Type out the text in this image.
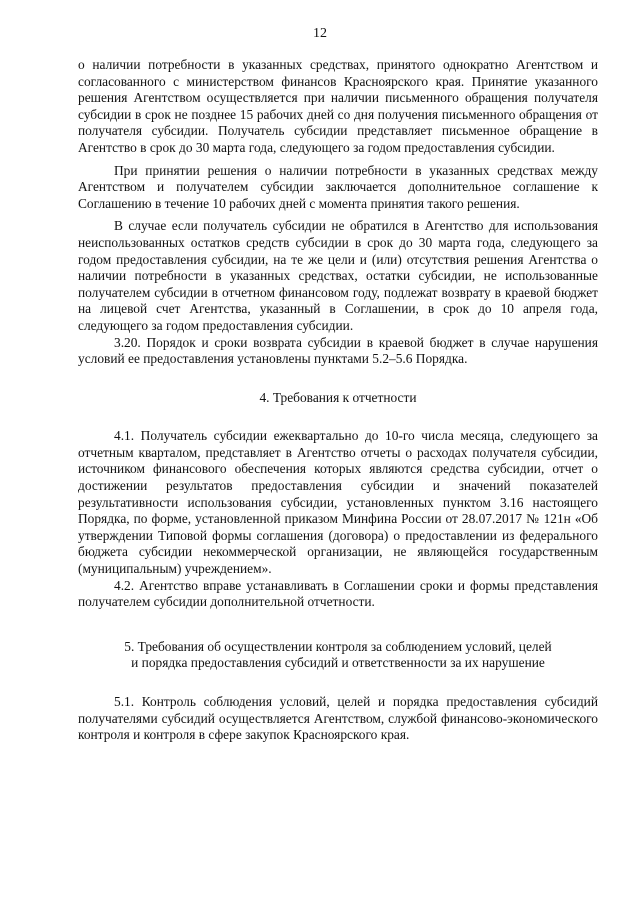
12

о наличии потребности в указанных средствах, принятого однократно Агентством и согласованного с министерством финансов Красноярского края. Принятие указанного решения Агентством осуществляется при наличии письменного обращения получателя субсидии в срок не позднее 15 рабочих дней со дня получения письменного обращения от получателя субсидии. Получатель субсидии представляет письменное обращение в Агентство в срок до 30 марта года, следующего за годом предоставления субсидии.

При принятии решения о наличии потребности в указанных средствах между Агентством и получателем субсидии заключается дополнительное соглашение к Соглашению в течение 10 рабочих дней с момента принятия такого решения.

В случае если получатель субсидии не обратился в Агентство для использования неиспользованных остатков средств субсидии в срок до 30 марта года, следующего за годом предоставления субсидии, на те же цели и (или) отсутствия решения Агентства о наличии потребности в указанных средствах, остатки субсидии, не использованные получателем субсидии в отчетном финансовом году, подлежат возврату в краевой бюджет на лицевой счет Агентства, указанный в Соглашении, в срок до 10 апреля года, следующего за годом предоставления субсидии.

3.20. Порядок и сроки возврата субсидии в краевой бюджет в случае нарушения условий ее предоставления установлены пунктами 5.2–5.6 Порядка.

4. Требования к отчетности

4.1. Получатель субсидии ежеквартально до 10-го числа месяца, следующего за отчетным кварталом, представляет в Агентство отчеты о расходах получателя субсидии, источником финансового обеспечения которых являются средства субсидии, отчет о достижении результатов предоставления субсидии и значений показателей результативности использования субсидии, установленных пунктом 3.16 настоящего Порядка, по форме, установленной приказом Минфина России от 28.07.2017 № 121н «Об утверждении Типовой формы соглашения (договора) о предоставлении из федерального бюджета субсидии некоммерческой организации, не являющейся государственным (муниципальным) учреждением».

4.2. Агентство вправе устанавливать в Соглашении сроки и формы представления получателем субсидии дополнительной отчетности.

5. Требования об осуществлении контроля за соблюдением условий, целей

и порядка предоставления субсидий и ответственности за их нарушение

5.1. Контроль соблюдения условий, целей и порядка предоставления субсидий получателями субсидий осуществляется Агентством, службой финансово-экономического контроля и контроля в сфере закупок Красноярского края.
